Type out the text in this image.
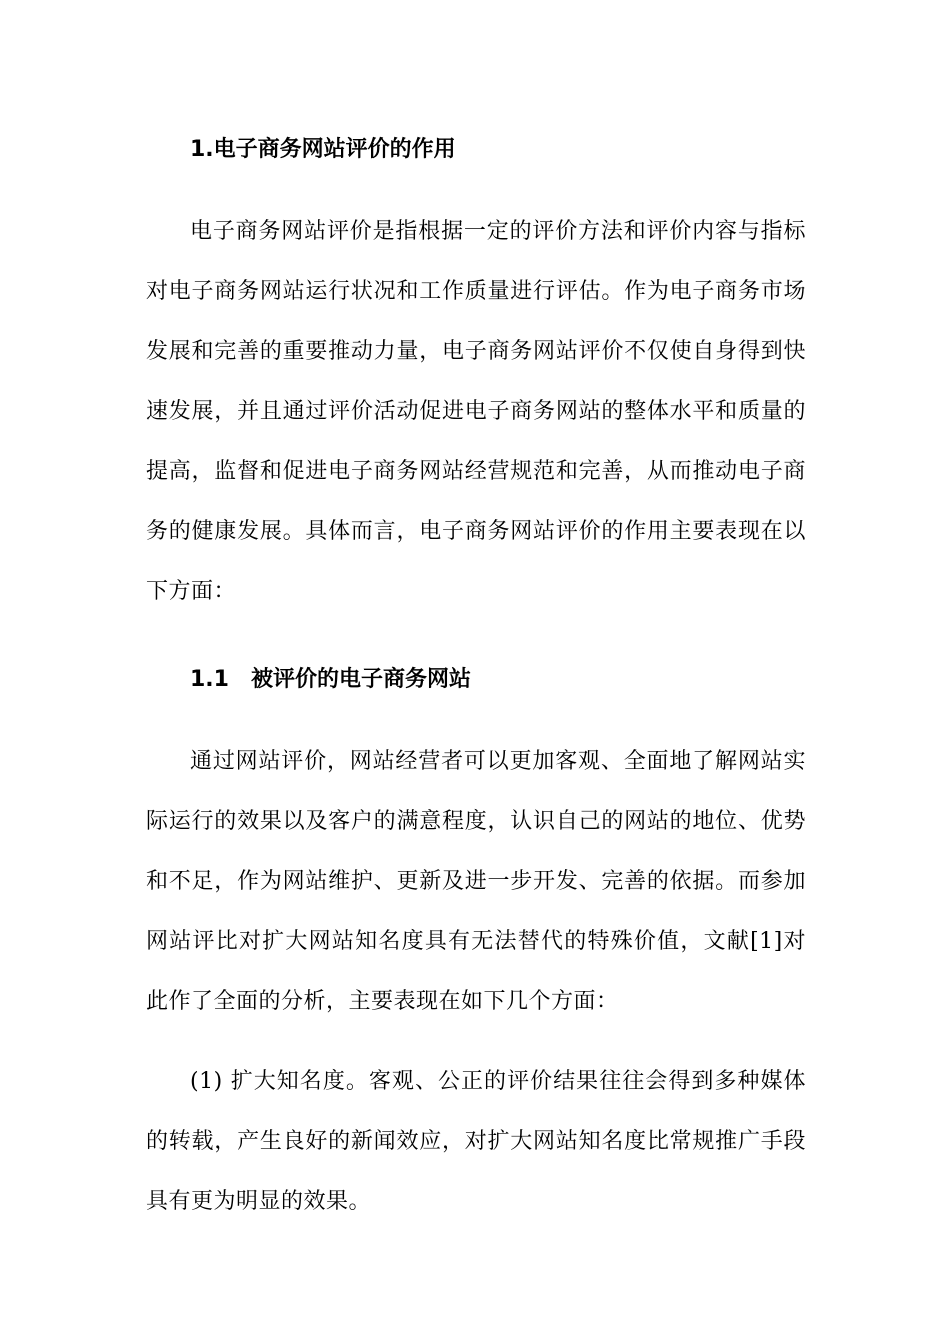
1.电子商务网站评价的作用

电子商务网站评价是指根据一定的评价方法和评价内容与指标对电子商务网站运行状况和工作质量进行评估。作为电子商务市场发展和完善的重要推动力量，电子商务网站评价不仅使自身得到快速发展，并且通过评价活动促进电子商务网站的整体水平和质量的提高，监督和促进电子商务网站经营规范和完善，从而推动电子商务的健康发展。具体而言，电子商务网站评价的作用主要表现在以下方面：

1.1 被评价的电子商务网站

通过网站评价，网站经营者可以更加客观、全面地了解网站实际运行的效果以及客户的满意程度，认识自己的网站的地位、优势和不足，作为网站维护、更新及进一步开发、完善的依据。而参加网站评比对扩大网站知名度具有无法替代的特殊价值，文献[1]对此作了全面的分析，主要表现在如下几个方面：

(1) 扩大知名度。客观、公正的评价结果往往会得到多种媒体的转载，产生良好的新闻效应，对扩大网站知名度比常规推广手段具有更为明显的效果。
